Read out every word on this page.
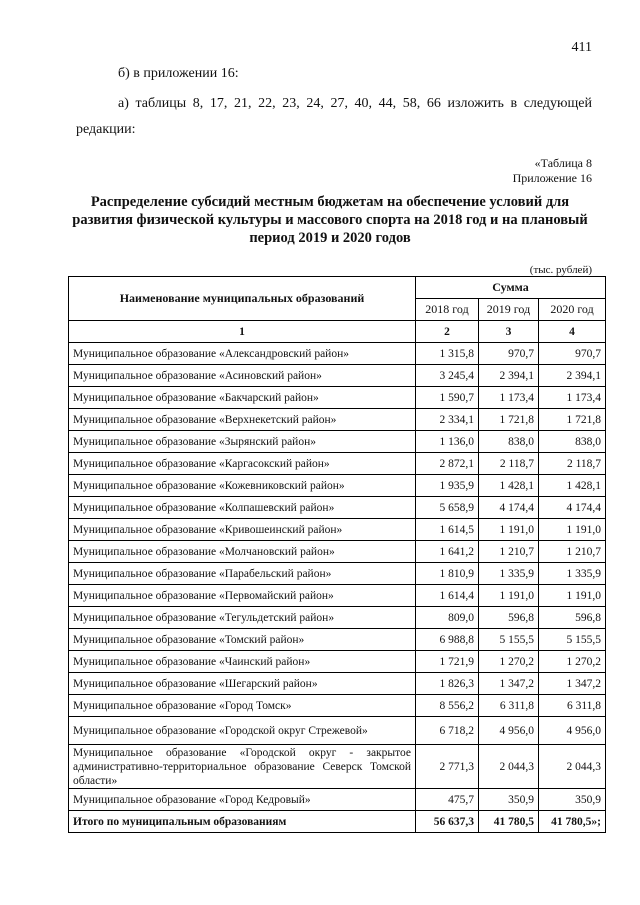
411
б) в приложении 16:
а) таблицы 8, 17, 21, 22, 23, 24, 27, 40, 44, 58, 66 изложить в следующей редакции:
«Таблица 8
Приложение 16
Распределение субсидий местным бюджетам на обеспечение условий для развития физической культуры и массового спорта на 2018 год и на плановый период 2019 и 2020 годов
(тыс. рублей)
Наименование муниципальных образований	Сумма		
	2018 год	2019 год	2020 год
1	2	3	4
Муниципальное образование «Александровский район»	1 315,8	970,7	970,7
Муниципальное образование «Асиновский район»	3 245,4	2 394,1	2 394,1
Муниципальное образование «Бакчарский район»	1 590,7	1 173,4	1 173,4
Муниципальное образование «Верхнекетский район»	2 334,1	1 721,8	1 721,8
Муниципальное образование «Зырянский район»	1 136,0	838,0	838,0
Муниципальное образование «Каргасокский район»	2 872,1	2 118,7	2 118,7
Муниципальное образование «Кожевниковский район»	1 935,9	1 428,1	1 428,1
Муниципальное образование «Колпашевский район»	5 658,9	4 174,4	4 174,4
Муниципальное образование «Кривошеинский район»	1 614,5	1 191,0	1 191,0
Муниципальное образование «Молчановский район»	1 641,2	1 210,7	1 210,7
Муниципальное образование «Парабельский район»	1 810,9	1 335,9	1 335,9
Муниципальное образование «Первомайский район»	1 614,4	1 191,0	1 191,0
Муниципальное образование «Тегульдетский район»	809,0	596,8	596,8
Муниципальное образование «Томский район»	6 988,8	5 155,5	5 155,5
Муниципальное образование «Чаинский район»	1 721,9	1 270,2	1 270,2
Муниципальное образование «Шегарский район»	1 826,3	1 347,2	1 347,2
Муниципальное образование «Город Томск»	8 556,2	6 311,8	6 311,8
Муниципальное образование «Городской округ Стрежевой»	6 718,2	4 956,0	4 956,0
Муниципальное образование «Городской округ - закрытое административно-территориальное образование Северск Томской области»	2 771,3	2 044,3	2 044,3
Муниципальное образование «Город Кедровый»	475,7	350,9	350,9
Итого по муниципальным образованиям	56 637,3	41 780,5	41 780,5»;
